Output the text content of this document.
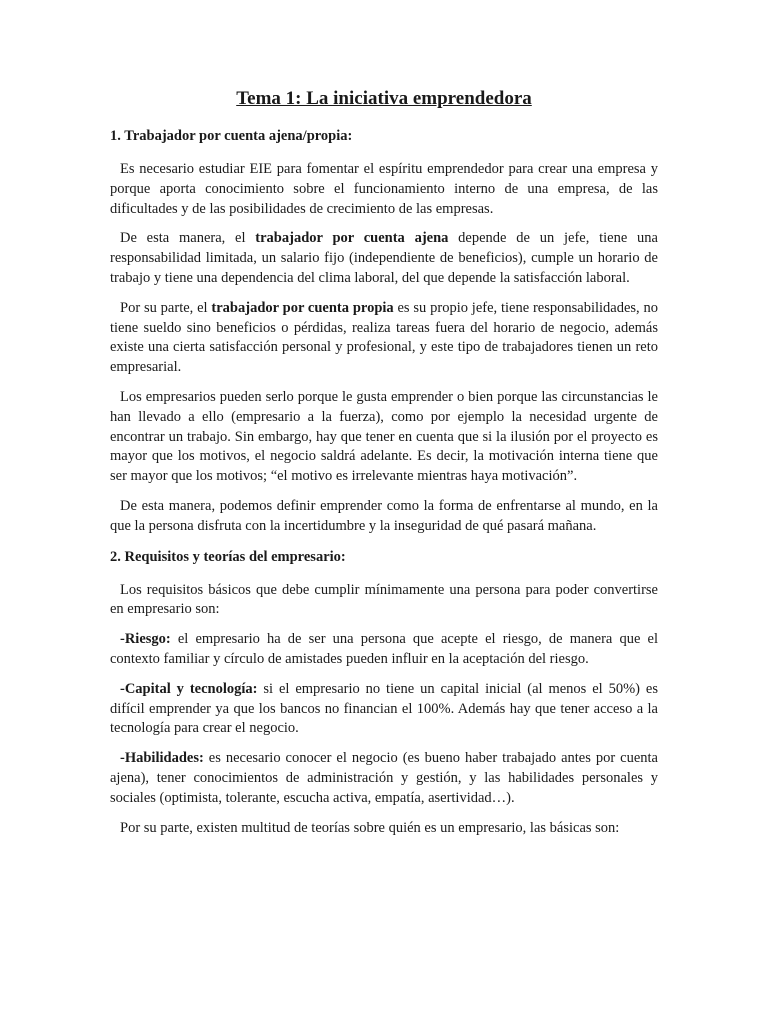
Tema 1: La iniciativa emprendedora
1. Trabajador por cuenta ajena/propia:

Es necesario estudiar EIE para fomentar el espíritu emprendedor para crear una empresa y porque aporta conocimiento sobre el funcionamiento interno de una empresa, de las dificultades y de las posibilidades de crecimiento de las empresas.

De esta manera, el trabajador por cuenta ajena depende de un jefe, tiene una responsabilidad limitada, un salario fijo (independiente de beneficios), cumple un horario de trabajo y tiene una dependencia del clima laboral, del que depende la satisfacción laboral.

Por su parte, el trabajador por cuenta propia es su propio jefe, tiene responsabilidades, no tiene sueldo sino beneficios o pérdidas, realiza tareas fuera del horario de negocio, además existe una cierta satisfacción personal y profesional, y este tipo de trabajadores tienen un reto empresarial.

Los empresarios pueden serlo porque le gusta emprender o bien porque las circunstancias le han llevado a ello (empresario a la fuerza), como por ejemplo la necesidad urgente de encontrar un trabajo. Sin embargo, hay que tener en cuenta que si la ilusión por el proyecto es mayor que los motivos, el negocio saldrá adelante. Es decir, la motivación interna tiene que ser mayor que los motivos; “el motivo es irrelevante mientras haya motivación”.

De esta manera, podemos definir emprender como la forma de enfrentarse al mundo, en la que la persona disfruta con la incertidumbre y la inseguridad de qué pasará mañana.

2. Requisitos y teorías del empresario:

Los requisitos básicos que debe cumplir mínimamente una persona para poder convertirse en empresario son:

-Riesgo: el empresario ha de ser una persona que acepte el riesgo, de manera que el contexto familiar y círculo de amistades pueden influir en la aceptación del riesgo.

-Capital y tecnología: si el empresario no tiene un capital inicial (al menos el 50%) es difícil emprender ya que los bancos no financian el 100%. Además hay que tener acceso a la tecnología para crear el negocio.

-Habilidades: es necesario conocer el negocio (es bueno haber trabajado antes por cuenta ajena), tener conocimientos de administración y gestión, y las habilidades personales y sociales (optimista, tolerante, escucha activa, empatía, asertividad…).

Por su parte, existen multitud de teorías sobre quién es un empresario, las básicas son:
